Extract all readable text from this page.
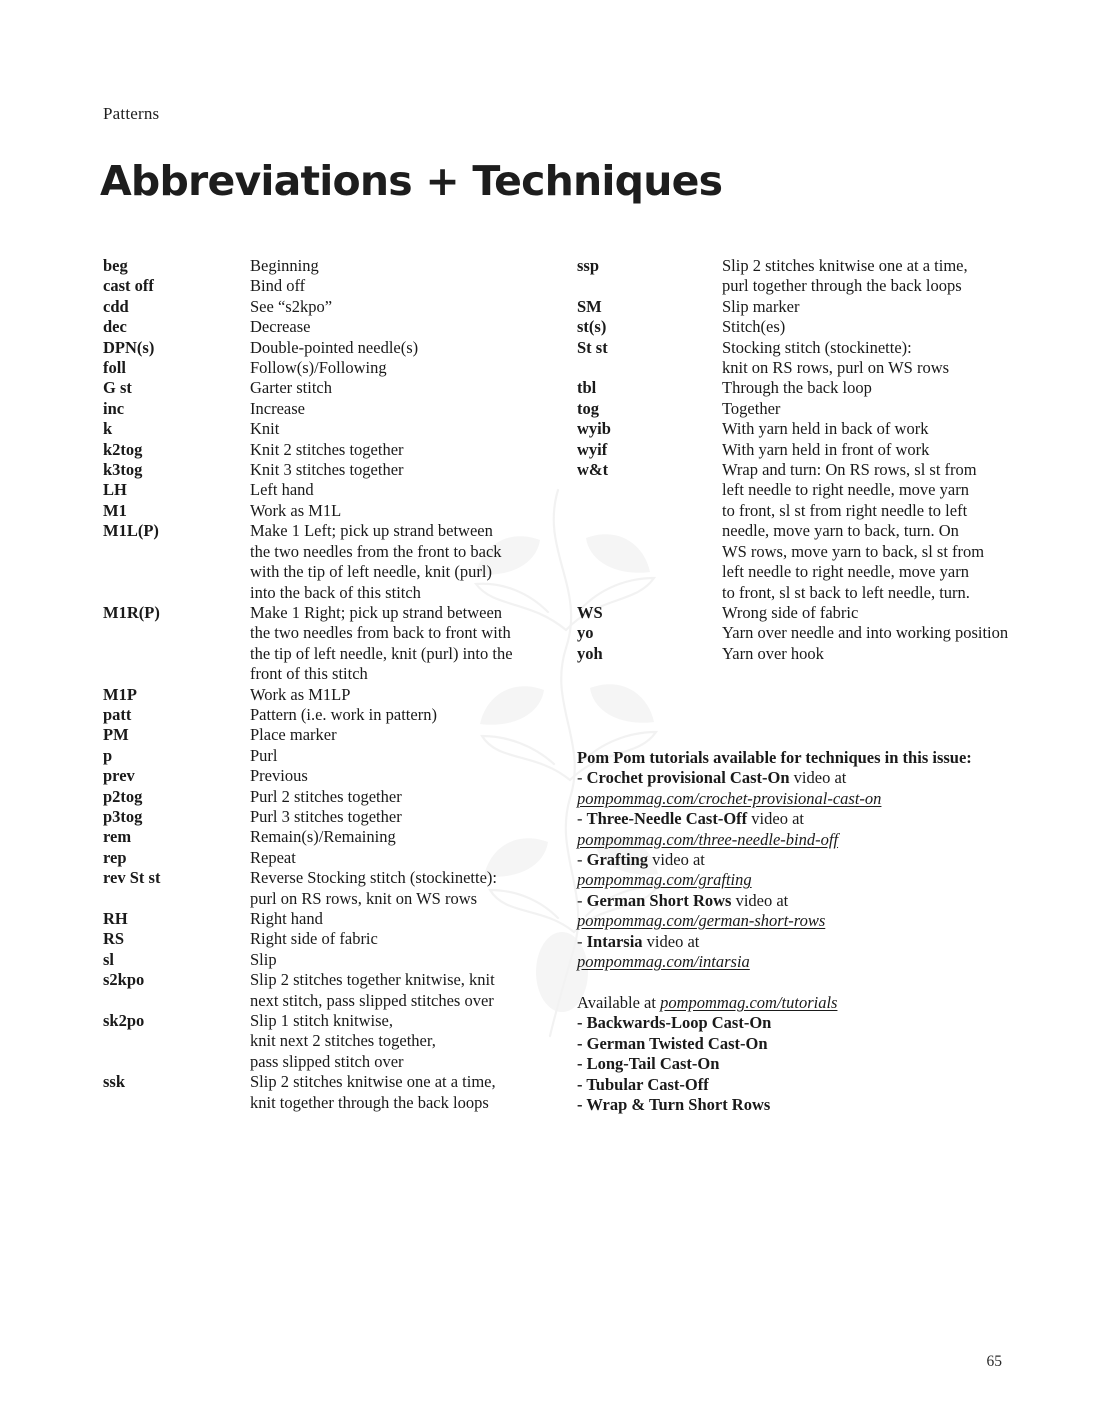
Patterns
Abbreviations + Techniques
beg	Beginning
cast off	Bind off
cdd	See “s2kpo”
dec	Decrease
DPN(s)	Double-pointed needle(s)
foll	Follow(s)/Following
G st	Garter stitch
inc	Increase
k	Knit
k2tog	Knit 2 stitches together
k3tog	Knit 3 stitches together
LH	Left hand
M1	Work as M1L
M1L(P)	Make 1 Left; pick up strand between
the two needles from the front to back
with the tip of left needle, knit (purl)
into the back of this stitch
M1R(P)	Make 1 Right; pick up strand between
the two needles from back to front with
the tip of left needle, knit (purl) into the
front of this stitch
M1P	Work as M1LP
patt	Pattern (i.e. work in pattern)
PM	Place marker
p	Purl
prev	Previous
p2tog	Purl 2 stitches together
p3tog	Purl 3 stitches together
rem	Remain(s)/Remaining
rep	Repeat
rev St st	Reverse Stocking stitch (stockinette):
purl on RS rows, knit on WS rows
RH	Right hand
RS	Right side of fabric
sl	Slip
s2kpo	Slip 2 stitches together knitwise, knit
next stitch, pass slipped stitches over
sk2po	Slip 1 stitch knitwise,
knit next 2 stitches together,
pass slipped stitch over
ssk	Slip 2 stitches knitwise one at a time,
knit together through the back loops
ssp	Slip 2 stitches knitwise one at a time,
purl together through the back loops
SM	Slip marker
st(s)	Stitch(es)
St st	Stocking stitch (stockinette):
knit on RS rows, purl on WS rows
tbl	Through the back loop
tog	Together
wyib	With yarn held in back of work
wyif	With yarn held in front of work
w&t	Wrap and turn: On RS rows, sl st from
left needle to right needle, move yarn
to front, sl st from right needle to left
needle, move yarn to back, turn. On
WS rows, move yarn to back, sl st from
left needle to right needle, move yarn
to front, sl st back to left needle, turn.
WS	Wrong side of fabric
yo	Yarn over needle and into working position
yoh	Yarn over hook
Pom Pom tutorials available for techniques in this issue:
- Crochet provisional Cast-On video at
pompommag.com/crochet-provisional-cast-on
- Three-Needle Cast-Off video at
pompommag.com/three-needle-bind-off
- Grafting video at
pompommag.com/grafting
- German Short Rows video at
pompommag.com/german-short-rows
- Intarsia video at
pompommag.com/intarsia
Available at pompommag.com/tutorials
- Backwards-Loop Cast-On
- German Twisted Cast-On
- Long-Tail Cast-On
- Tubular Cast-Off
- Wrap & Turn Short Rows
65
